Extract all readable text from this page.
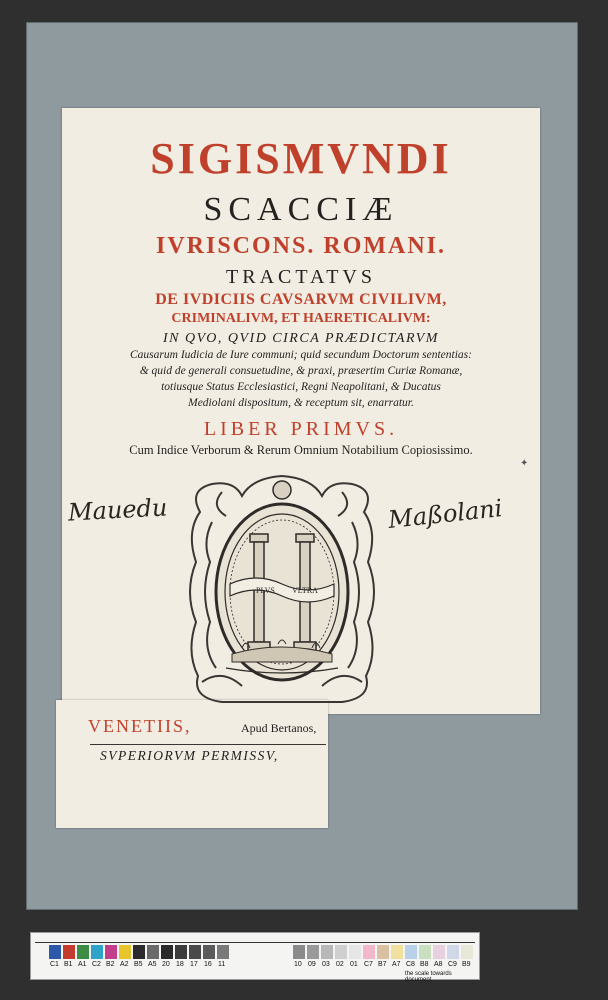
SIGISMVNDI
SCACCIÆ
IVRISCONS. ROMANI.
TRACTATVS
DE IVDICIIS CAVSARVM CIVILIVM,
CRIMINALIVM, ET HAERETICALIVM:
IN QVO, QVID CIRCA PRÆDICTARVM
Causarum Iudicia de Iure communi; quid secundum Doctorum sententias:
& quid de generali consuetudine, & praxi, præsertim Curiæ Romanæ,
totiusque Status Ecclesiastici, Regni Neapolitani, & Ducatus
Mediolani dispositum, & receptum sit, enarratur.
LIBER PRIMVS.
Cum Indice Verborum & Rerum Omnium Notabilium Copiosissimo.
Mauedu	Maßolani
✦
PLVS VLTRA
VENETIIS,	Apud Bertanos,
SVPERIORVM PERMISSV,
C1 B1 A1 C2 B2 A2 B5 A5 20 18 17 16 11	10 09 03 02 01 C7 B7 A7 C8 B8 A8 C9 B9
the scale towards document
